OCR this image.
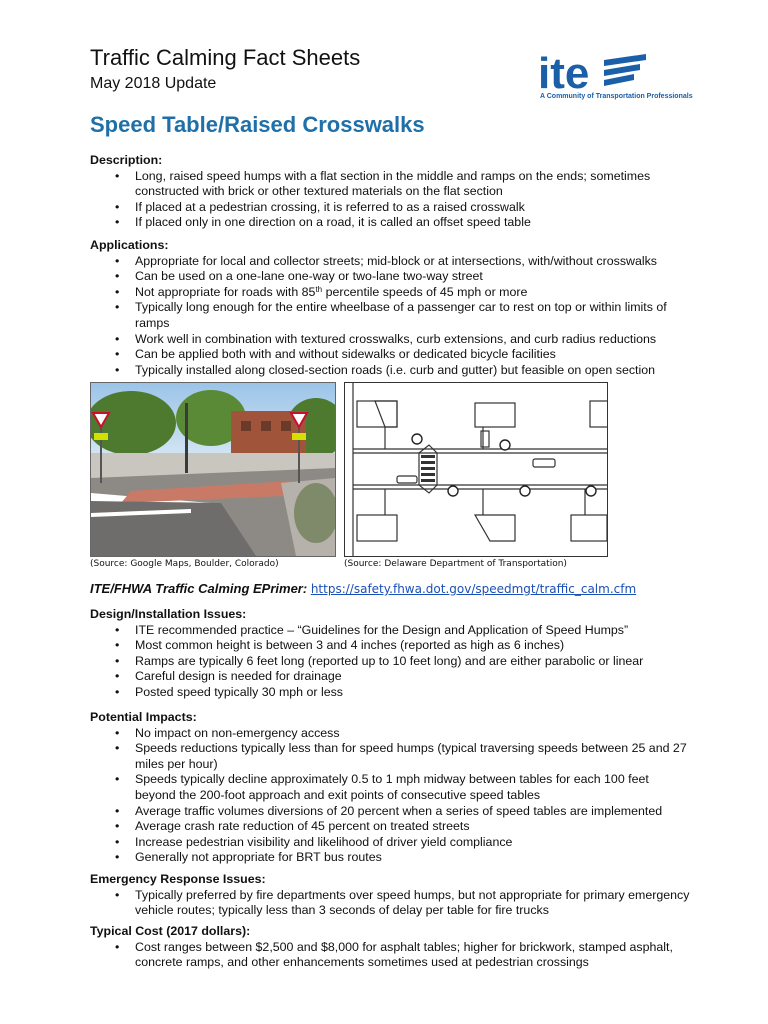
Traffic Calming Fact Sheets
May 2018 Update	ite
A Community of Transportation Professionals
Speed Table/Raised Crosswalks
Description:
• Long, raised speed humps with a flat section in the middle and ramps on the ends; sometimes constructed with brick or other textured materials on the flat section
• If placed at a pedestrian crossing, it is referred to as a raised crosswalk
• If placed only in one direction on a road, it is called an offset speed table
Applications:
• Appropriate for local and collector streets; mid-block or at intersections, with/without crosswalks
• Can be used on a one-lane one-way or two-lane two-way street
• Not appropriate for roads with 85th percentile speeds of 45 mph or more
• Typically long enough for the entire wheelbase of a passenger car to rest on top or within limits of ramps
• Work well in combination with textured crosswalks, curb extensions, and curb radius reductions
• Can be applied both with and without sidewalks or dedicated bicycle facilities
• Typically installed along closed-section roads (i.e. curb and gutter) but feasible on open section
(Source: Google Maps, Boulder, Colorado)	(Source: Delaware Department of Transportation)
ITE/FHWA Traffic Calming EPrimer: https://safety.fhwa.dot.gov/speedmgt/traffic_calm.cfm
Design/Installation Issues:
• ITE recommended practice – “Guidelines for the Design and Application of Speed Humps”
• Most common height is between 3 and 4 inches (reported as high as 6 inches)
• Ramps are typically 6 feet long (reported up to 10 feet long) and are either parabolic or linear
• Careful design is needed for drainage
• Posted speed typically 30 mph or less
Potential Impacts:
• No impact on non-emergency access
• Speeds reductions typically less than for speed humps (typical traversing speeds between 25 and 27 miles per hour)
• Speeds typically decline approximately 0.5 to 1 mph midway between tables for each 100 feet beyond the 200-foot approach and exit points of consecutive speed tables
• Average traffic volumes diversions of 20 percent when a series of speed tables are implemented
• Average crash rate reduction of 45 percent on treated streets
• Increase pedestrian visibility and likelihood of driver yield compliance
• Generally not appropriate for BRT bus routes
Emergency Response Issues:
• Typically preferred by fire departments over speed humps, but not appropriate for primary emergency vehicle routes; typically less than 3 seconds of delay per table for fire trucks
Typical Cost (2017 dollars):
• Cost ranges between $2,500 and $8,000 for asphalt tables; higher for brickwork, stamped asphalt, concrete ramps, and other enhancements sometimes used at pedestrian crossings
